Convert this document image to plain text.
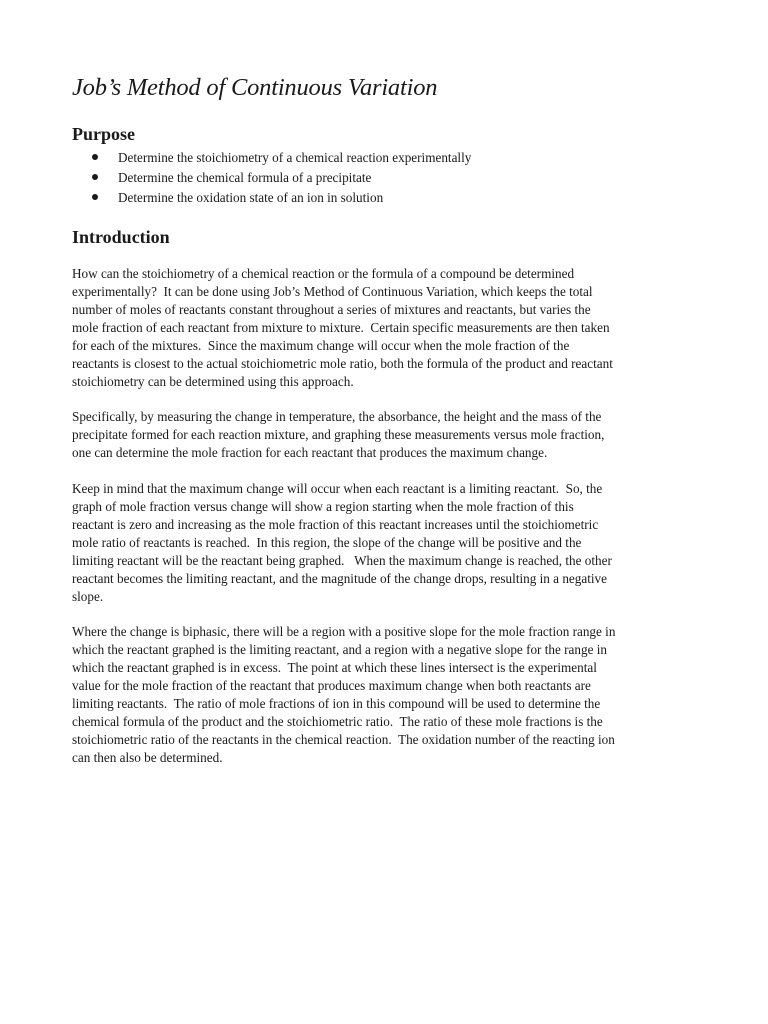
Job’s Method of Continuous Variation
Purpose
Determine the stoichiometry of a chemical reaction experimentally
Determine the chemical formula of a precipitate
Determine the oxidation state of an ion in solution
Introduction

How can the stoichiometry of a chemical reaction or the formula of a compound be determined
experimentally?  It can be done using Job’s Method of Continuous Variation, which keeps the total
number of moles of reactants constant throughout a series of mixtures and reactants, but varies the
mole fraction of each reactant from mixture to mixture.  Certain specific measurements are then taken
for each of the mixtures.  Since the maximum change will occur when the mole fraction of the
reactants is closest to the actual stoichiometric mole ratio, both the formula of the product and reactant
stoichiometry can be determined using this approach.

Specifically, by measuring the change in temperature, the absorbance, the height and the mass of the
precipitate formed for each reaction mixture, and graphing these measurements versus mole fraction,
one can determine the mole fraction for each reactant that produces the maximum change.

Keep in mind that the maximum change will occur when each reactant is a limiting reactant.  So, the
graph of mole fraction versus change will show a region starting when the mole fraction of this
reactant is zero and increasing as the mole fraction of this reactant increases until the stoichiometric
mole ratio of reactants is reached.  In this region, the slope of the change will be positive and the
limiting reactant will be the reactant being graphed.   When the maximum change is reached, the other
reactant becomes the limiting reactant, and the magnitude of the change drops, resulting in a negative
slope.

Where the change is biphasic, there will be a region with a positive slope for the mole fraction range in
which the reactant graphed is the limiting reactant, and a region with a negative slope for the range in
which the reactant graphed is in excess.  The point at which these lines intersect is the experimental
value for the mole fraction of the reactant that produces maximum change when both reactants are
limiting reactants.  The ratio of mole fractions of ion in this compound will be used to determine the
chemical formula of the product and the stoichiometric ratio.  The ratio of these mole fractions is the
stoichiometric ratio of the reactants in the chemical reaction.  The oxidation number of the reacting ion
can then also be determined.
